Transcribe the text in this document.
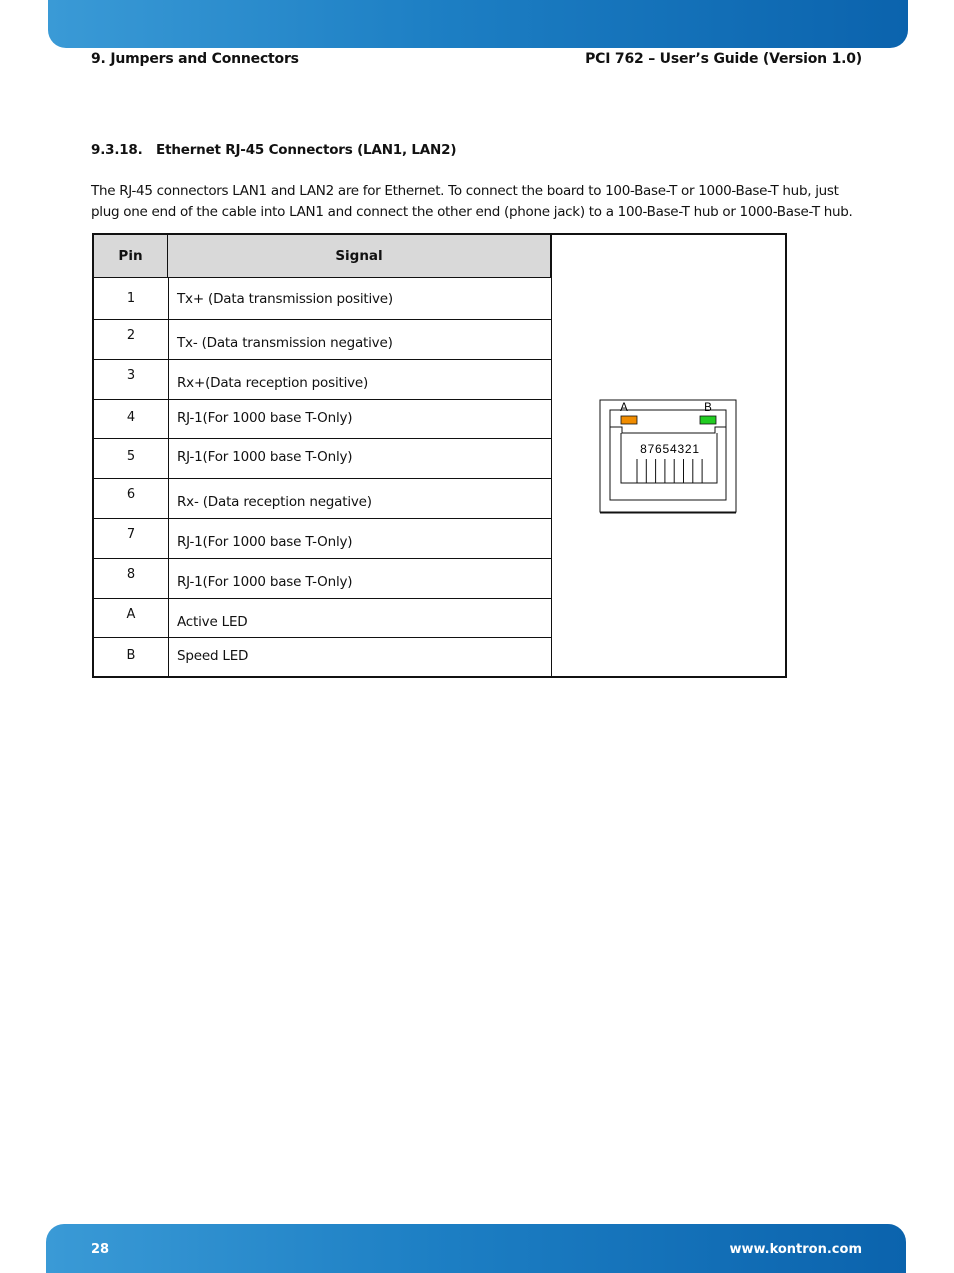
9. Jumpers and Connectors	PCI 762 – User’s Guide (Version 1.0)
9.3.18.   Ethernet RJ-45 Connectors (LAN1, LAN2)
The RJ-45 connectors LAN1 and LAN2 are for Ethernet. To connect the board to 100-Base-T or 1000-Base-T hub, just plug one end of the cable into LAN1 and connect the other end (phone jack) to a 100-Base-T hub or 1000-Base-T hub.
Pin	Signal
1	Tx+ (Data transmission positive)
2	Tx- (Data transmission negative)
3	Rx+(Data reception positive)
4	RJ-1(For 1000 base T-Only)
5	RJ-1(For 1000 base T-Only)
6	Rx- (Data reception negative)
7	RJ-1(For 1000 base T-Only)
8	RJ-1(For 1000 base T-Only)
A	Active LED
B	Speed LED
A	B
87654321
28	www.kontron.com
